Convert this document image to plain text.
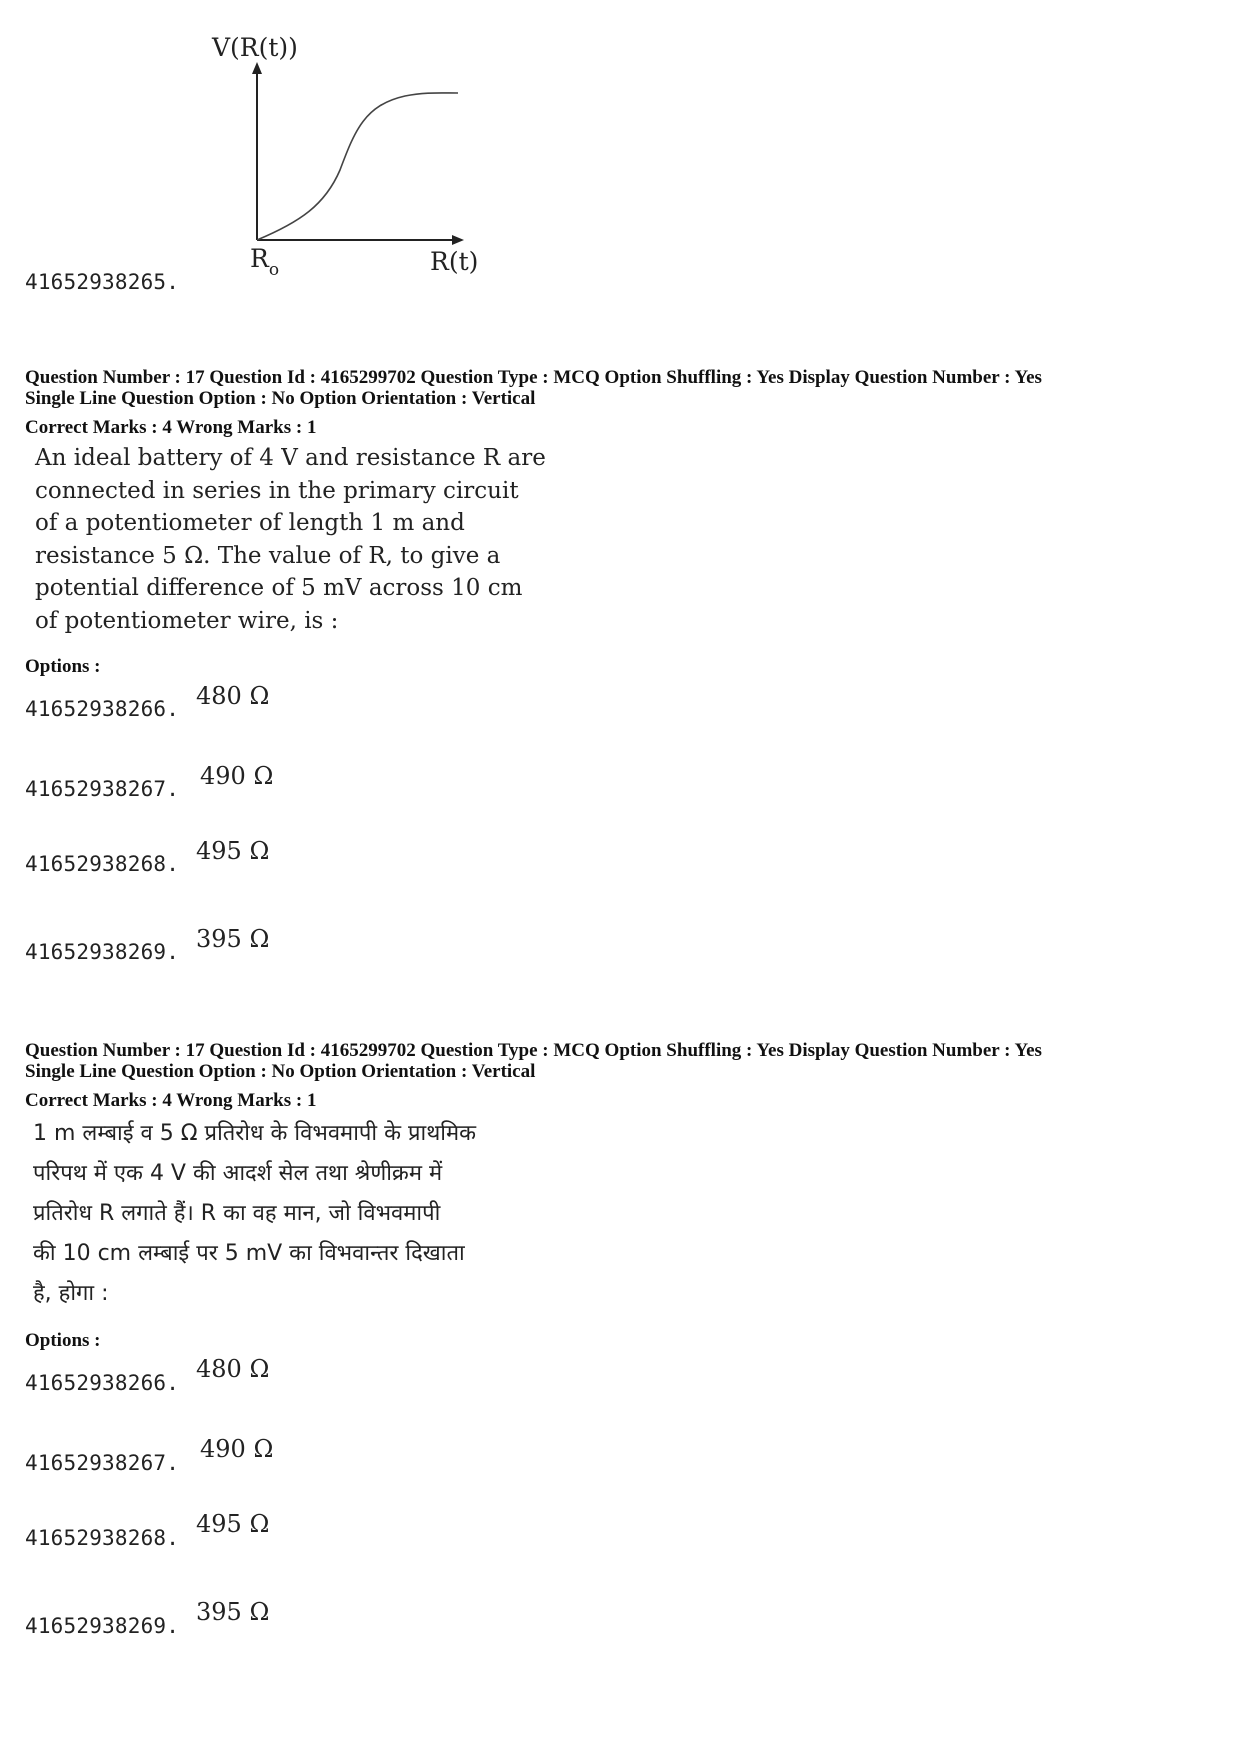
V(R(t))
$R_o$	R(t)
41652938265.
Question Number : 17 Question Id : 4165299702 Question Type : MCQ Option Shuffling : Yes Display Question Number : Yes
Single Line Question Option : No Option Orientation : Vertical
Correct Marks : 4 Wrong Marks : 1
An ideal battery of 4 V and resistance R are
connected in series in the primary circuit
of a potentiometer of length 1 m and
resistance 5 Ω. The value of R, to give a
potential difference of 5 mV across 10 cm
of potentiometer wire, is :
Options :
41652938266. 480 Ω
41652938267. 490 Ω
41652938268. 495 Ω
41652938269. 395 Ω
Question Number : 17 Question Id : 4165299702 Question Type : MCQ Option Shuffling : Yes Display Question Number : Yes
Single Line Question Option : No Option Orientation : Vertical
Correct Marks : 4 Wrong Marks : 1
1 m लम्बाई व 5 Ω प्रतिरोध के विभवमापी के प्राथमिक
परिपथ में एक 4 V की आदर्श सेल तथा श्रेणीक्रम में
प्रतिरोध R लगाते हैं। R का वह मान, जो विभवमापी
की 10 cm लम्बाई पर 5 mV का विभवान्तर दिखाता
है, होगा :
Options :
41652938266. 480 Ω
41652938267. 490 Ω
41652938268. 495 Ω
41652938269. 395 Ω
